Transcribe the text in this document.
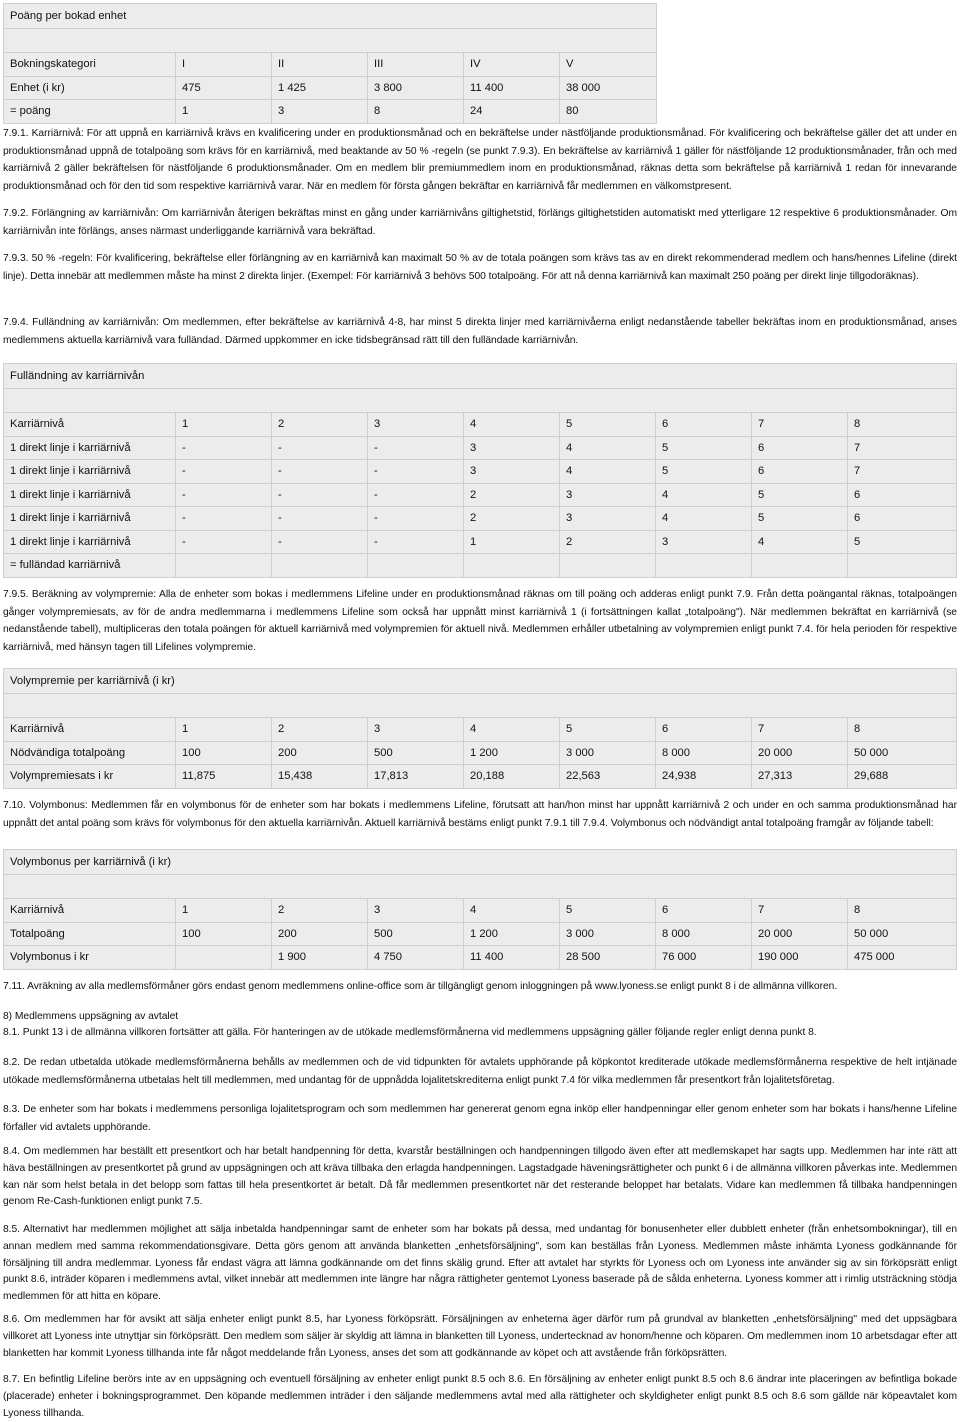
Poäng per bokad enhet					

Bokningskategori	I	II	III	IV	V
Enhet (i kr)	475	1 425	3 800	11 400	38 000
= poäng	1	3	8	24	80
7.9.1. Karriärnivå: För att uppnå en karriärnivå krävs en kvalificering under en produktionsmånad och en bekräftelse under nästföljande produktionsmånad. För kvalificering och bekräftelse gäller det att under en produktionsmånad uppnå de totalpoäng som krävs för en karriärnivå, med beaktande av 50 % -regeln (se punkt 7.9.3). En bekräftelse av karriärnivå 1 gäller för nästföljande 12 produktionsmånader, från och med karriärnivå 2 gäller bekräftelsen för nästföljande 6 produktionsmånader. Om en medlem blir premiummedlem inom en produktionsmånad, räknas detta som bekräftelse på karriärnivå 1 redan för innevarande produktionsmånad och för den tid som respektive karriärnivå varar. När en medlem för första gången bekräftar en karriärnivå får medlemmen en välkomstpresent.
7.9.2. Förlängning av karriärnivån: Om karriärnivån återigen bekräftas minst en gång under karriärnivåns giltighetstid, förlängs giltighetstiden automatiskt med ytterligare 12 respektive 6 produktionsmånader. Om karriärnivån inte förlängs, anses närmast underliggande karriärnivå vara bekräftad.
7.9.3. 50 % -regeln: För kvalificering, bekräftelse eller förlängning av en karriärnivå kan maximalt 50 % av de totala poängen som krävs tas av en direkt rekommenderad medlem och hans/hennes Lifeline (direkt linje). Detta innebär att medlemmen måste ha minst 2 direkta linjer. (Exempel: För karriärnivå 3 behövs 500 totalpoäng. För att nå denna karriärnivå kan maximalt 250 poäng per direkt linje tillgodoräknas).
7.9.4. Fulländning av karriärnivån: Om medlemmen, efter bekräftelse av karriärnivå 4-8, har minst 5 direkta linjer med karriärnivåerna enligt nedanstående tabeller bekräftas inom en produktionsmånad, anses medlemmens aktuella karriärnivå vara fulländad. Därmed uppkommer en icke tidsbegränsad rätt till den fulländade karriärnivån.
Fulländning av karriärnivån								

Karriärnivå	1	2	3	4	5	6	7	8
1 direkt linje i karriärnivå	-	-	-	3	4	5	6	7
1 direkt linje i karriärnivå	-	-	-	3	4	5	6	7
1 direkt linje i karriärnivå	-	-	-	2	3	4	5	6
1 direkt linje i karriärnivå	-	-	-	2	3	4	5	6
1 direkt linje i karriärnivå	-	-	-	1	2	3	4	5
= fulländad karriärnivå								
7.9.5. Beräkning av volympremie: Alla de enheter som bokas i medlemmens Lifeline under en produktionsmånad räknas om till poäng och adderas enligt punkt 7.9. Från detta poängantal räknas, totalpoängen gånger volympremiesats, av för de andra medlemmarna i medlemmens Lifeline som också har uppnått minst karriärnivå 1 (i fortsättningen kallat „totalpoäng"). När medlemmen bekräftat en karriärnivå (se nedanstående tabell), multipliceras den totala poängen för aktuell karriärnivå med volympremien för aktuell nivå. Medlemmen erhåller utbetalning av volympremien enligt punkt 7.4. för hela perioden för respektive karriärnivå, med hänsyn tagen till Lifelines volympremie.
Volympremie per karriärnivå (i kr)								

Karriärnivå	1	2	3	4	5	6	7	8
Nödvändiga totalpoäng	100	200	500	1 200	3 000	8 000	20 000	50 000
Volympremiesats i kr	11,875	15,438	17,813	20,188	22,563	24,938	27,313	29,688
7.10. Volymbonus: Medlemmen får en volymbonus för de enheter som har bokats i medlemmens Lifeline, förutsatt att han/hon minst har uppnått karriärnivå 2 och under en och samma produktionsmånad har uppnått det antal poäng som krävs för volymbonus för den aktuella karriärnivån. Aktuell karriärnivå bestäms enligt punkt 7.9.1 till 7.9.4. Volymbonus och nödvändigt antal totalpoäng framgår av följande tabell:
Volymbonus per karriärnivå (i kr)								

Karriärnivå	1	2	3	4	5	6	7	8
Totalpoäng	100	200	500	1 200	3 000	8 000	20 000	50 000
Volymbonus i kr		1 900	4 750	11 400	28 500	76 000	190 000	475 000
7.11. Avräkning av alla medlemsförmåner görs endast genom medlemmens online-office som är tillgängligt genom inloggningen på www.lyoness.se enligt punkt 8 i de allmänna villkoren.
8) Medlemmens uppsägning av avtalet
8.1. Punkt 13 i de allmänna villkoren fortsätter att gälla. För hanteringen av de utökade medlemsförmånerna vid medlemmens uppsägning gäller följande regler enligt denna punkt 8.
8.2. De redan utbetalda utökade medlemsförmånerna behålls av medlemmen och de vid tidpunkten för avtalets upphörande på köpkontot krediterade utökade medlemsförmånerna respektive de helt intjänade utökade medlemsförmånerna utbetalas helt till medlemmen, med undantag för de uppnådda lojalitetskrediterna enligt punkt 7.4 för vilka medlemmen får presentkort från lojalitetsföretag.
8.3. De enheter som har bokats i medlemmens personliga lojalitetsprogram och som medlemmen har genererat genom egna inköp eller handpenningar eller genom enheter som har bokats i hans/henne Lifeline förfaller vid avtalets upphörande.
8.4. Om medlemmen har beställt ett presentkort och har betalt handpenning för detta, kvarstår beställningen och handpenningen tillgodo även efter att medlemskapet har sagts upp. Medlemmen har inte rätt att häva beställningen av presentkortet på grund av uppsägningen och att kräva tillbaka den erlagda handpenningen. Lagstadgade häveningsrättigheter och punkt 6 i de allmänna villkoren påverkas inte. Medlemmen kan när som helst betala in det belopp som fattas till hela presentkortet är betalt. Då får medlemmen presentkortet när det resterande beloppet har betalats. Vidare kan medlemmen få tillbaka handpenningen genom Re-Cash-funktionen enligt punkt 7.5.
8.5. Alternativt har medlemmen möjlighet att sälja inbetalda handpenningar samt de enheter som har bokats på dessa, med undantag för bonusenheter eller dubblett enheter (från enhetsombokningar), till en annan medlem med samma rekommendationsgivare. Detta görs genom att använda blanketten „enhetsförsäljning", som kan beställas från Lyoness. Medlemmen måste inhämta Lyoness godkännande för försäljning till andra medlemmar. Lyoness får endast vägra att lämna godkännande om det finns skälig grund. Efter att avtalet har styrkts för Lyoness och om Lyoness inte använder sig av sin förköpsrätt enligt punkt 8.6, inträder köparen i medlemmens avtal, vilket innebär att medlemmen inte längre har några rättigheter gentemot Lyoness baserade på de sålda enheterna. Lyoness kommer att i rimlig utsträckning stödja medlemmen för att hitta en köpare.
8.6. Om medlemmen har för avsikt att sälja enheter enligt punkt 8.5, har Lyoness förköpsrätt. Försäljningen av enheterna äger därför rum på grundval av blanketten „enhetsförsäljning" med det uppsägbara villkoret att Lyoness inte utnyttjar sin förköpsrätt. Den medlem som säljer är skyldig att lämna in blanketten till Lyoness, undertecknad av honom/henne och köparen. Om medlemmen inom 10 arbetsdagar efter att blanketten har kommit Lyoness tillhanda inte får något meddelande från Lyoness, anses det som att godkännande av köpet och att avstående från förköpsrätten.
8.7. En befintlig Lifeline berörs inte av en uppsägning och eventuell försäljning av enheter enligt punkt 8.5 och 8.6. En försäljning av enheter enligt punkt 8.5 och 8.6 ändrar inte placeringen av befintliga bokade (placerade) enheter i bokningsprogrammet. Den köpande medlemmen inträder i den säljande medlemmens avtal med alla rättigheter och skyldigheter enligt punkt 8.5 och 8.6 som gällde när köpeavtalet kom Lyoness tillhanda.
